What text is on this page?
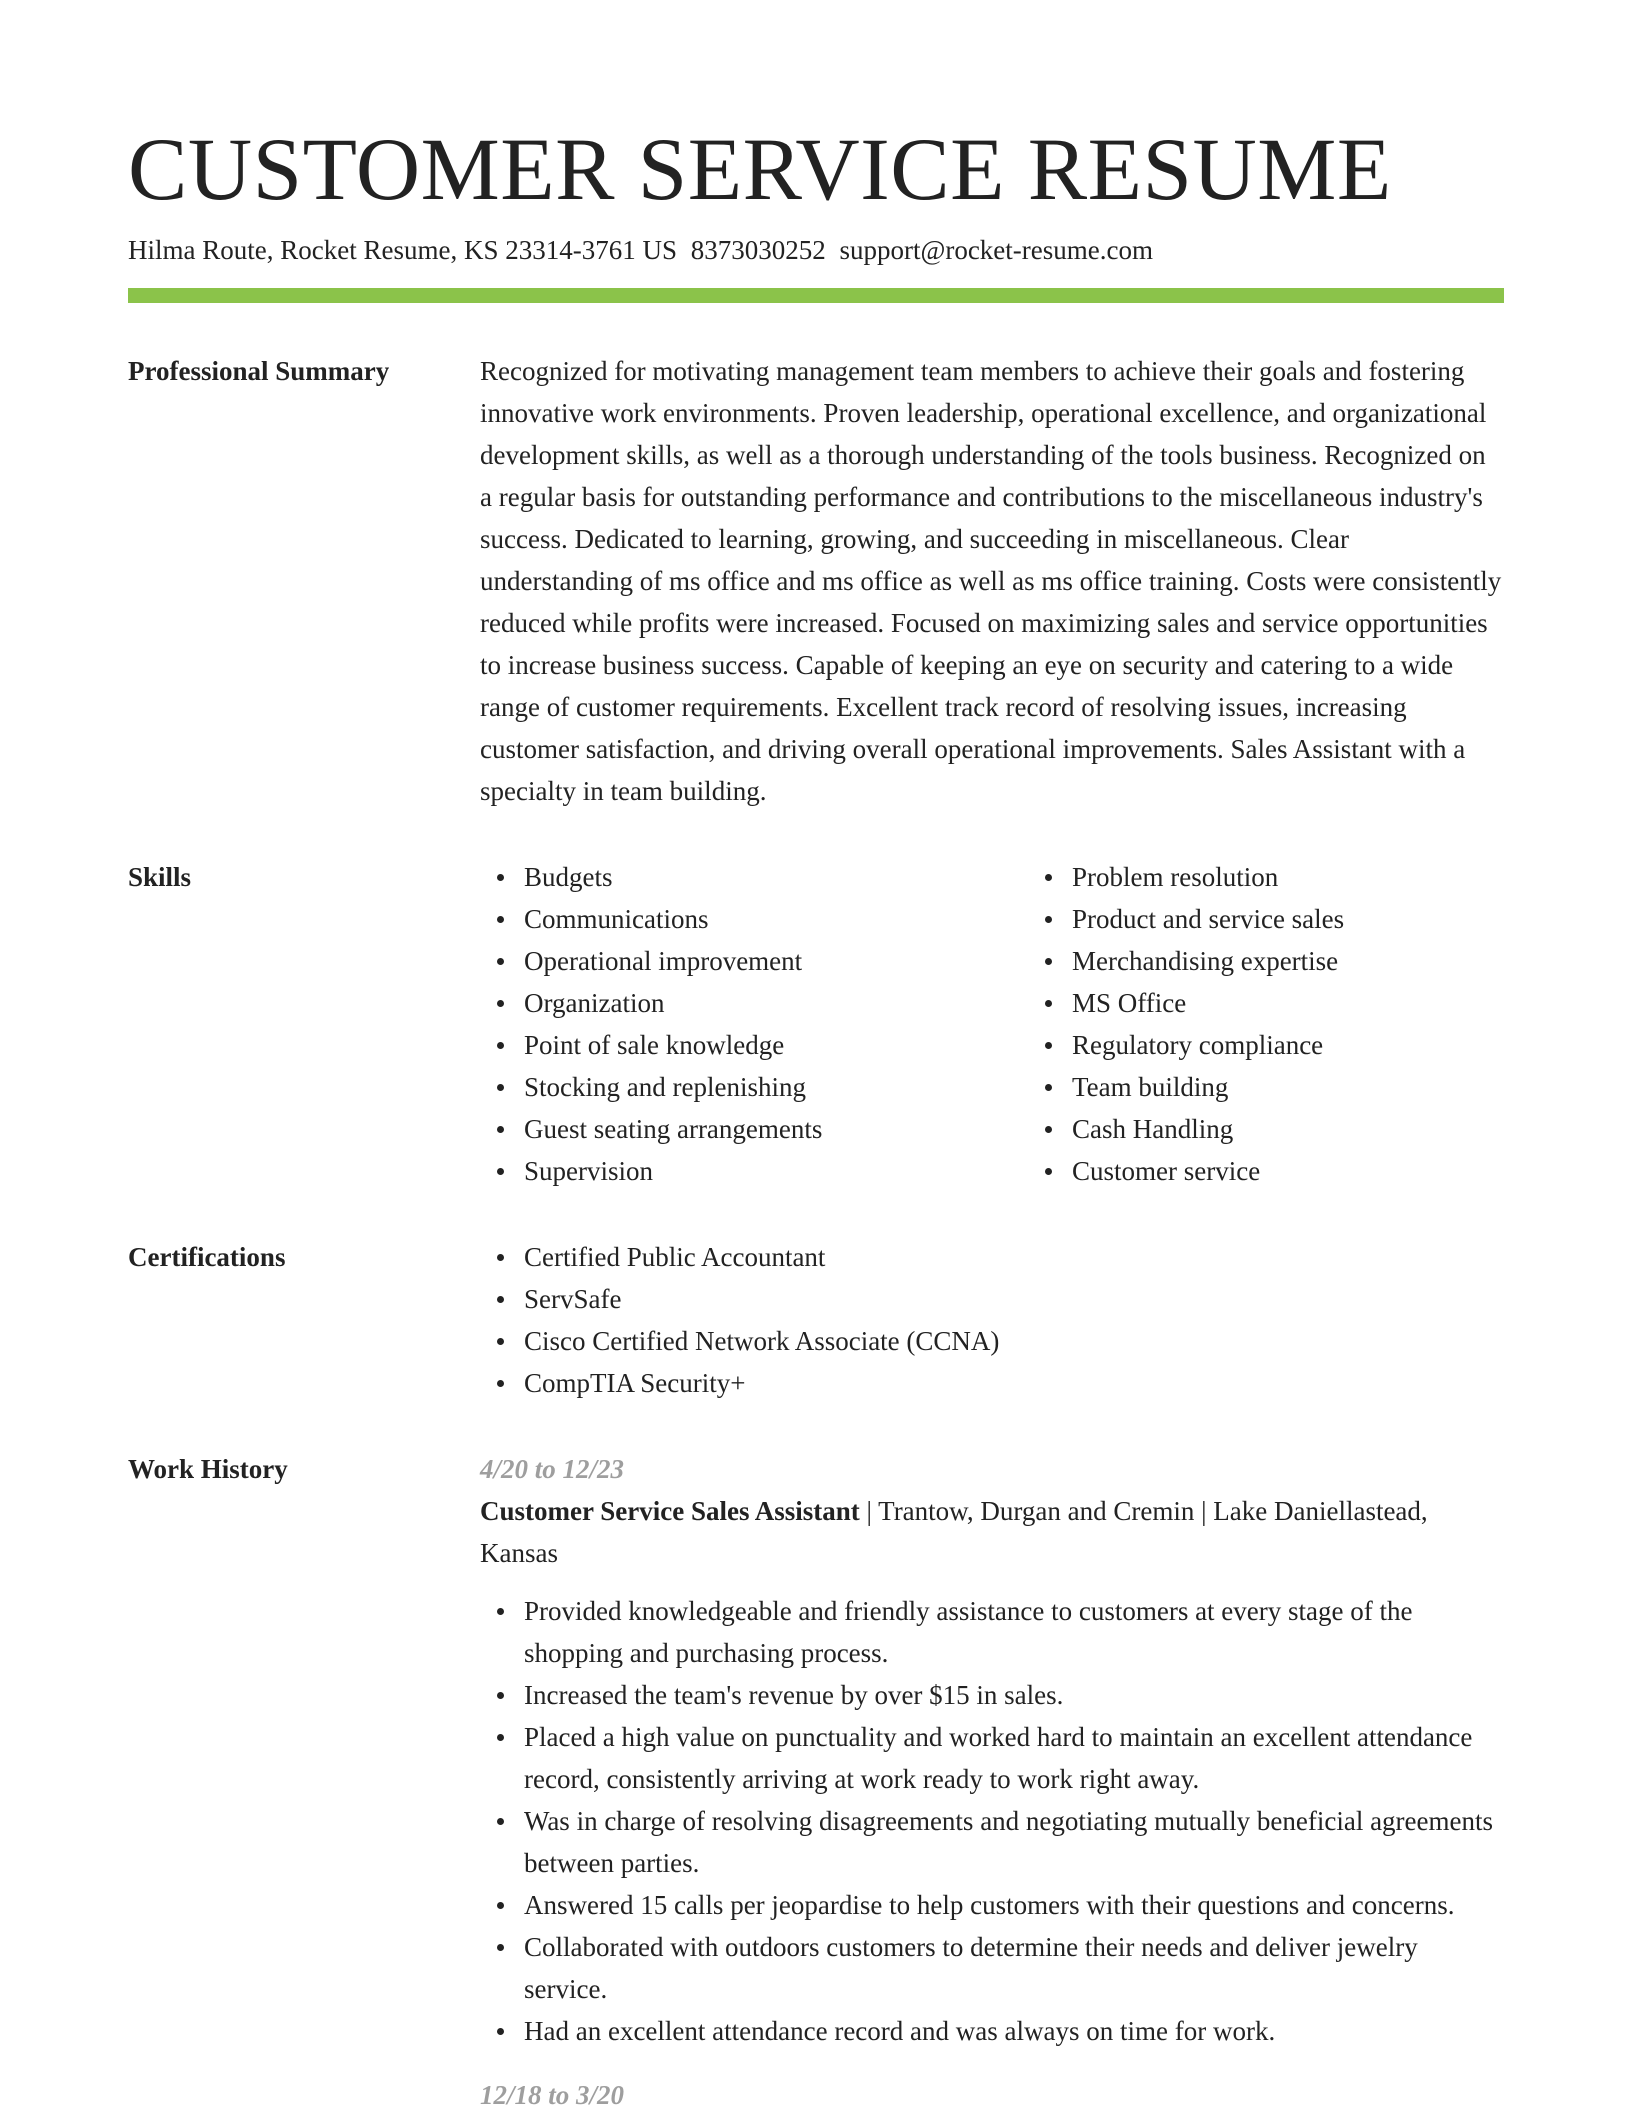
CUSTOMER SERVICE RESUME
Hilma Route, Rocket Resume, KS 23314-3761 US 8373030252 support@rocket-resume.com
Professional Summary	Recognized for motivating management team members to achieve their goals and fostering innovative work environments. Proven leadership, operational excellence, and organizational development skills, as well as a thorough understanding of the tools business. Recognized on a regular basis for outstanding performance and contributions to the miscellaneous industry's success. Dedicated to learning, growing, and succeeding in miscellaneous. Clear understanding of ms office and ms office as well as ms office training. Costs were consistently reduced while profits were increased. Focused on maximizing sales and service opportunities to increase business success. Capable of keeping an eye on security and catering to a wide range of customer requirements. Excellent track record of resolving issues, increasing customer satisfaction, and driving overall operational improvements. Sales Assistant with a specialty in team building.

Skills	Budgets
Communications
Operational improvement
Organization
Point of sale knowledge
Stocking and replenishing
Guest seating arrangements
Supervision
Problem resolution
Product and service sales
Merchandising expertise
MS Office
Regulatory compliance
Team building
Cash Handling
Customer service
Certifications	Certified Public Accountant
ServSafe
Cisco Certified Network Associate (CCNA)
CompTIA Security+
Work History	4/20 to 12/23

Customer Service Sales Assistant | Trantow, Durgan and Cremin | Lake Daniellastead, Kansas

Provided knowledgeable and friendly assistance to customers at every stage of the shopping and purchasing process.
Increased the team's revenue by over $15 in sales.
Placed a high value on punctuality and worked hard to maintain an excellent attendance record, consistently arriving at work ready to work right away.
Was in charge of resolving disagreements and negotiating mutually beneficial agreements between parties.
Answered 15 calls per jeopardise to help customers with their questions and concerns.
Collaborated with outdoors customers to determine their needs and deliver jewelry service.
Had an excellent attendance record and was always on time for work.
12/18 to 3/20
